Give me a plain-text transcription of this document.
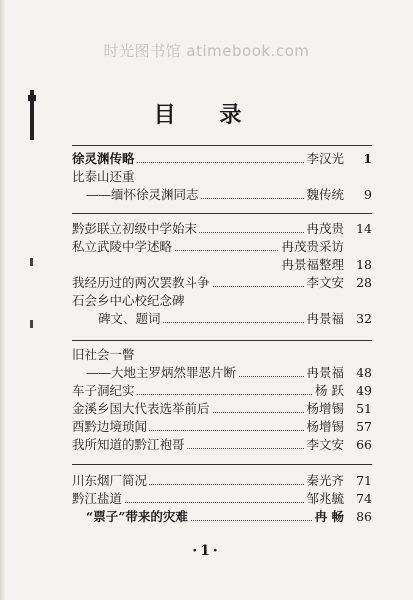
时光图书馆 atimebook.com
目 录
徐灵渊传略	李汉光	1
比泰山还重
——缅怀徐灵渊同志	魏传统	9
黔彭联立初级中学始末	冉茂贵 14
私立武陵中学述略	冉茂贵采访
冉景福整理 18
我经历过的两次罢教斗争	李文安 28
石会乡中心校纪念碑
碑文、题词	冉景福 32
旧社会一瞥
——大地主罗炳然罪恶片断	冉景福 48
车子洞纪实	杨 跃 49
金溪乡国大代表选举前后	杨增锡 51
酉黔边境琐闻	杨增锡 57
我所知道的黔江袍哥	李文安 66
川东烟厂简况	秦光齐 71
黔江盐道	邹兆毓 74
“票子”带来的灾难	冉 畅 86
·1·
